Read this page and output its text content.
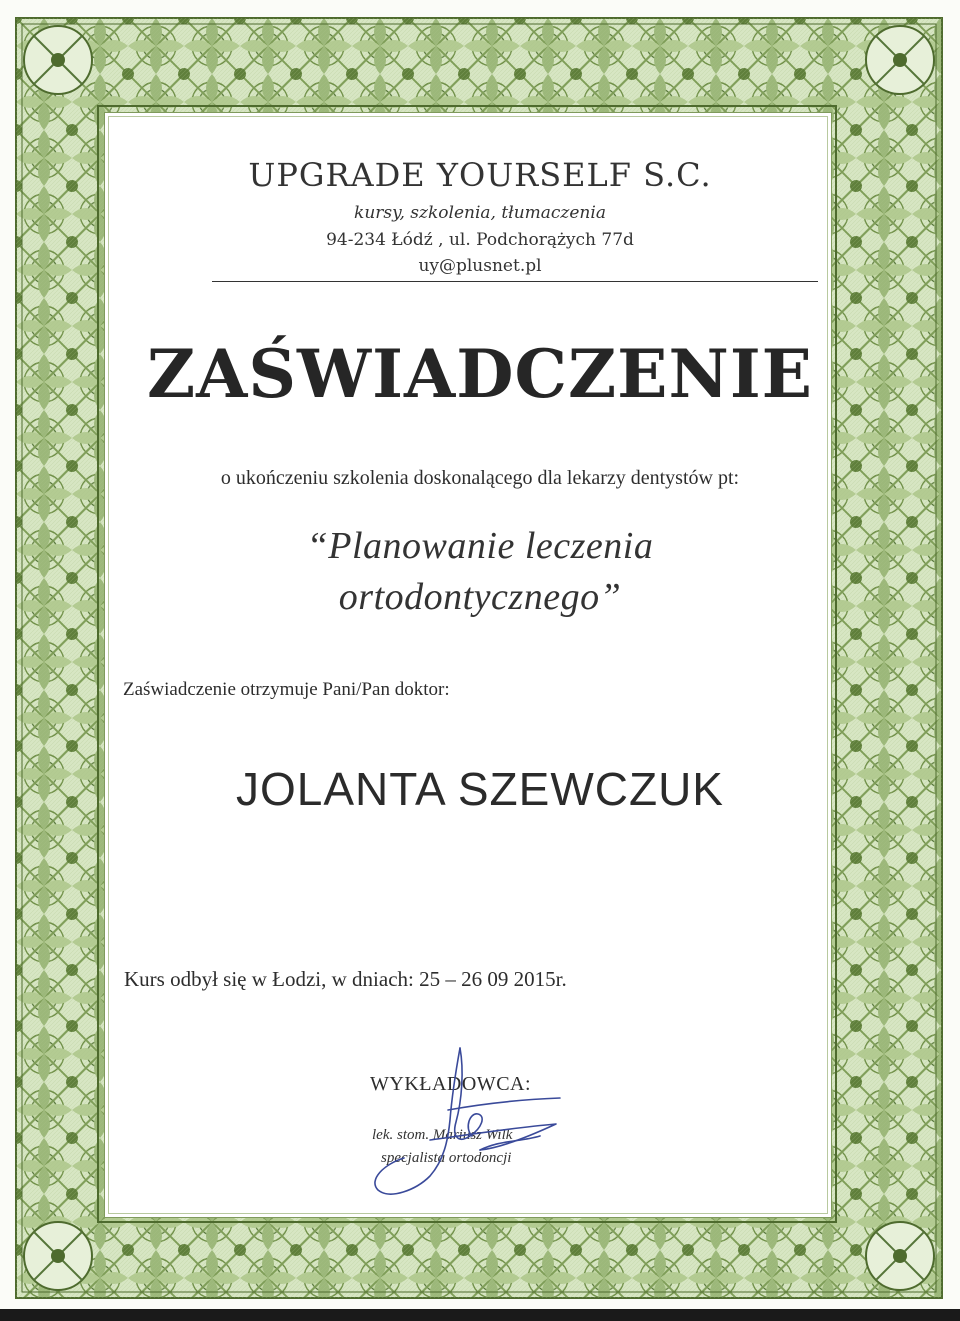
UPGRADE YOURSELF S.C.
kursy, szkolenia, tłumaczenia
94-234 Łódź , ul. Podchorążych 77d
uy@plusnet.pl
ZAŚWIADCZENIE
o ukończeniu szkolenia doskonalącego dla lekarzy dentystów pt:
“Planowanie leczenia
ortodontycznego”
Zaświadczenie otrzymuje Pani/Pan doktor:
JOLANTA SZEWCZUK
Kurs odbył się w Łodzi, w dniach: 25 – 26 09 2015r.
WYKŁADOWCA:
lek. stom. Mariusz Wilk
specjalista ortodoncji
